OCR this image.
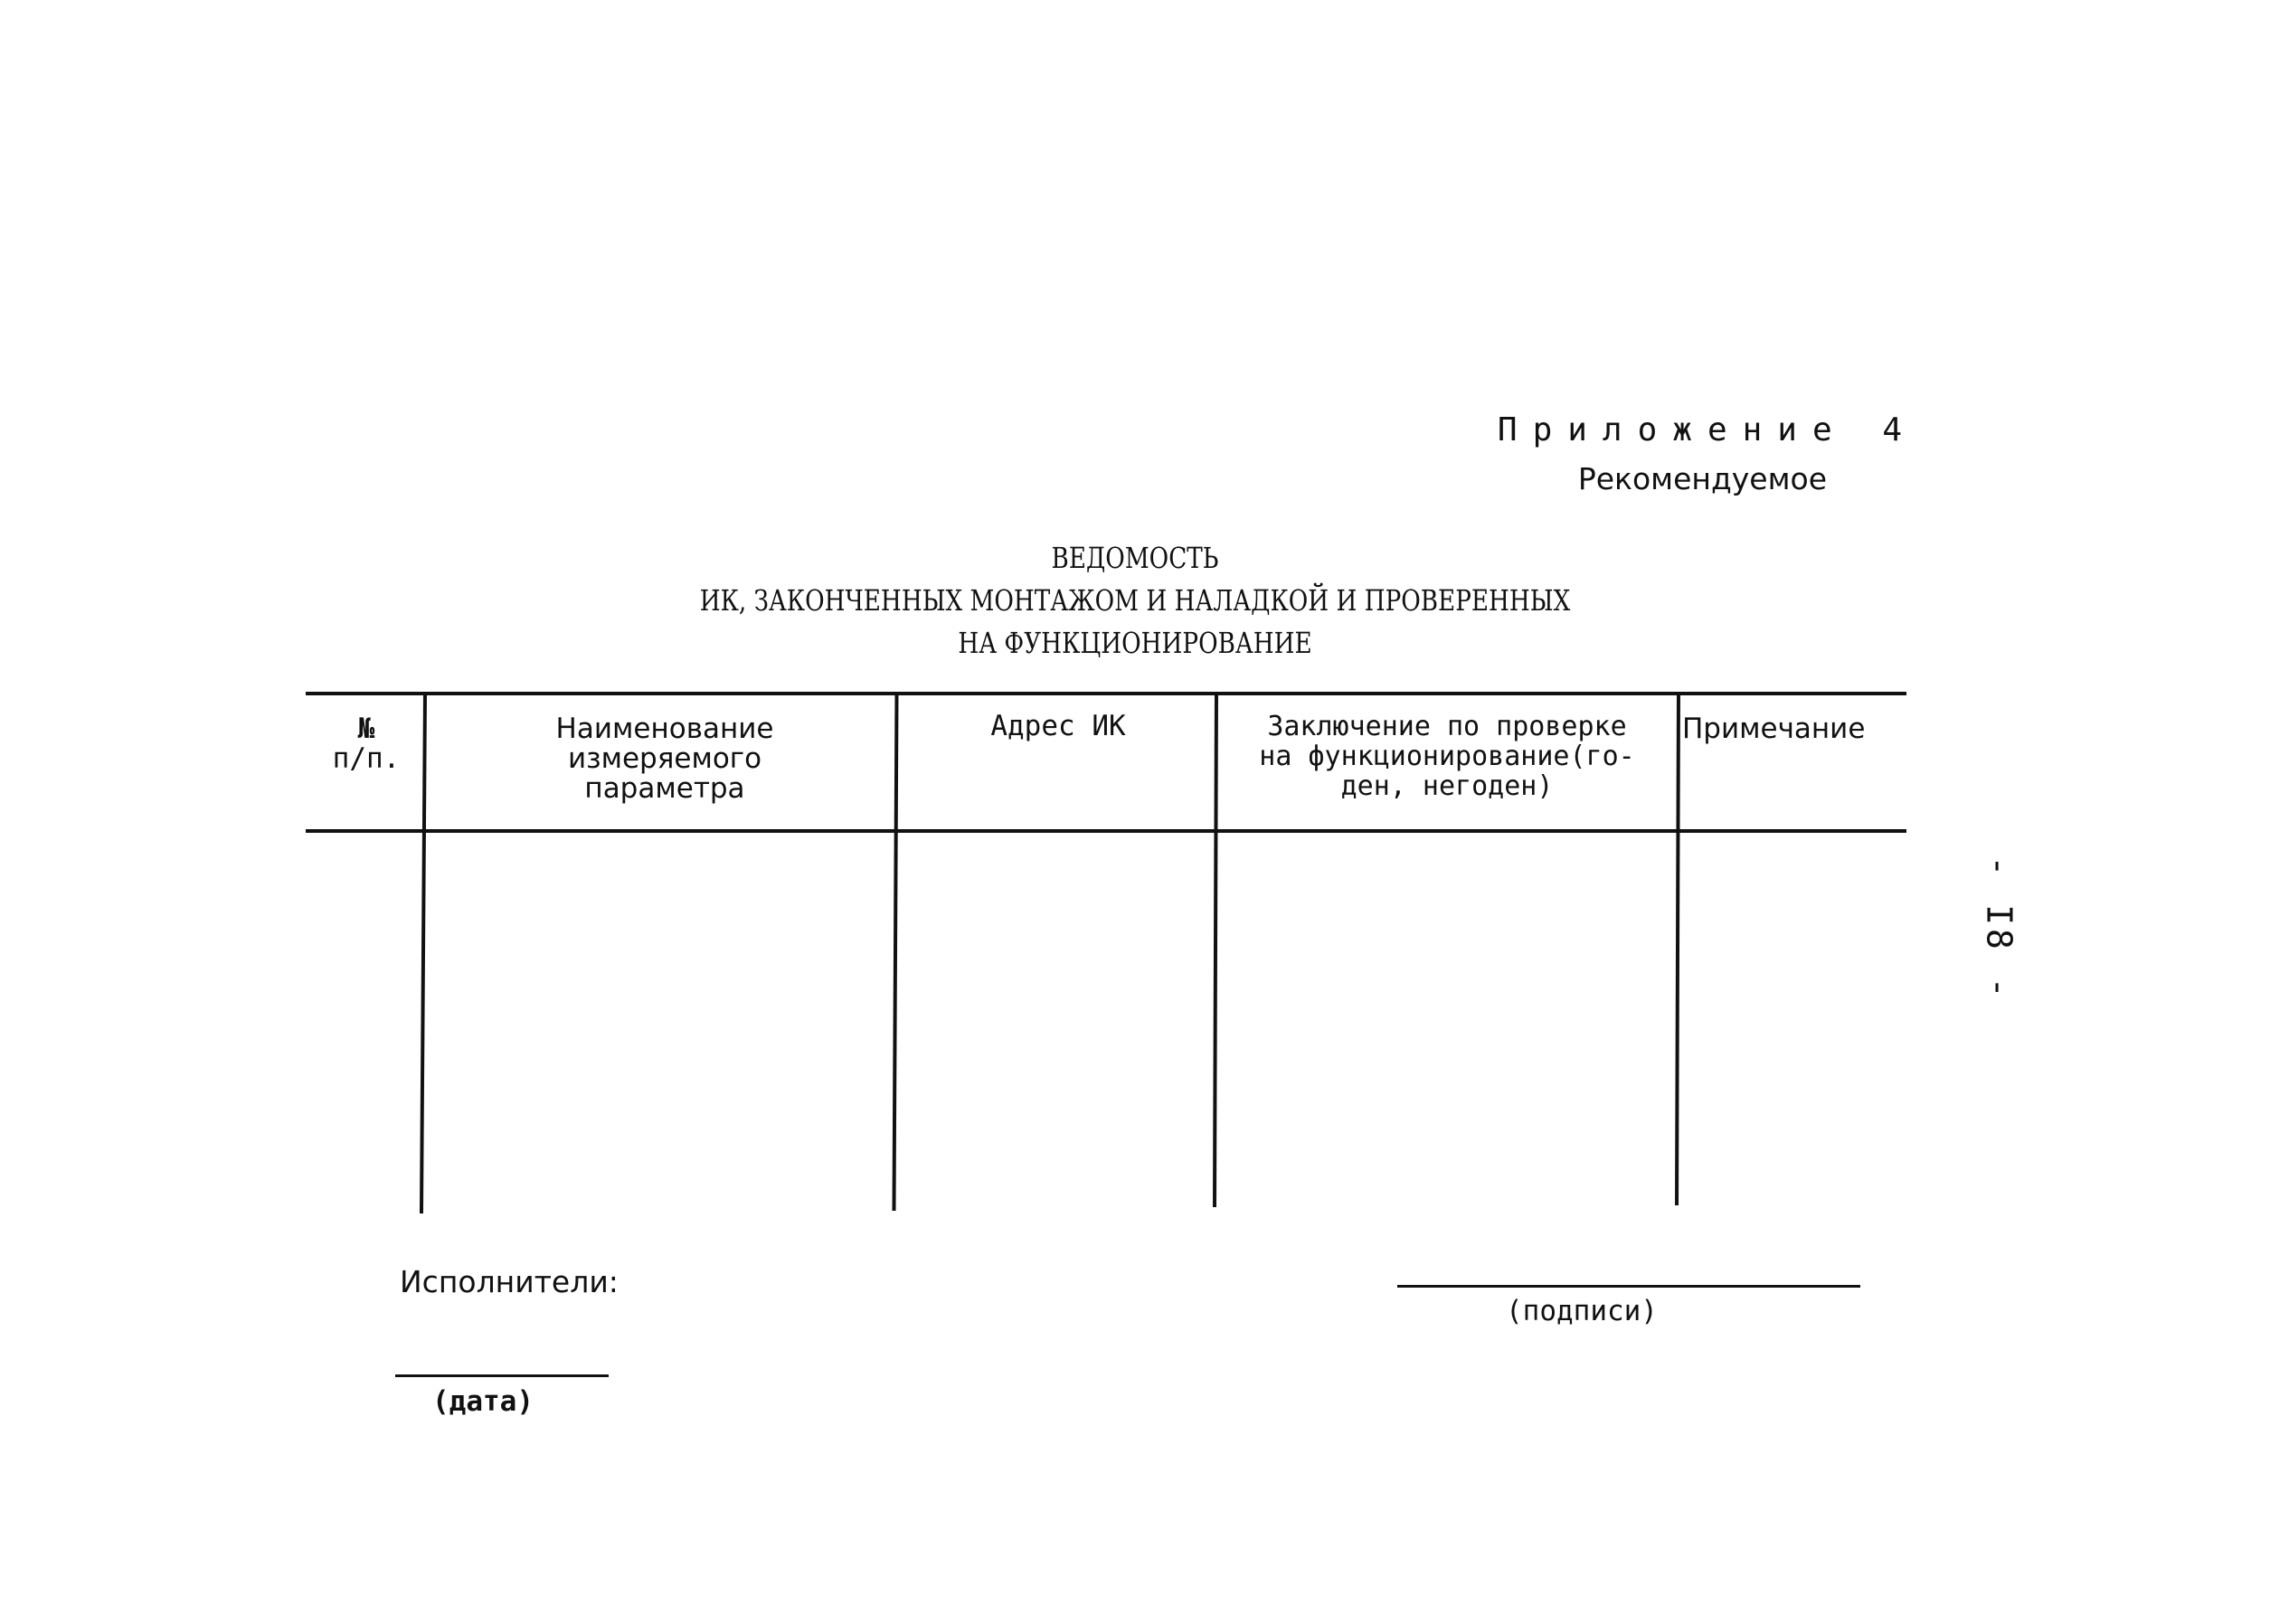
Приложение 4
Рекомендуемое
ВЕДОМОСТЬ
ИК, ЗАКОНЧЕННЫХ МОНТАЖОМ И НАЛАДКОЙ И ПРОВЕРЕННЫХ
НА ФУНКЦИОНИРОВАНИЕ
№
п/п.
Наименование
измеряемого
параметра
Адрес ИК	Заключение по проверке
на функционирование(го-
ден, негоден)
Примечание
Исполнители:
(подписи)
(дата)
- I8 -
